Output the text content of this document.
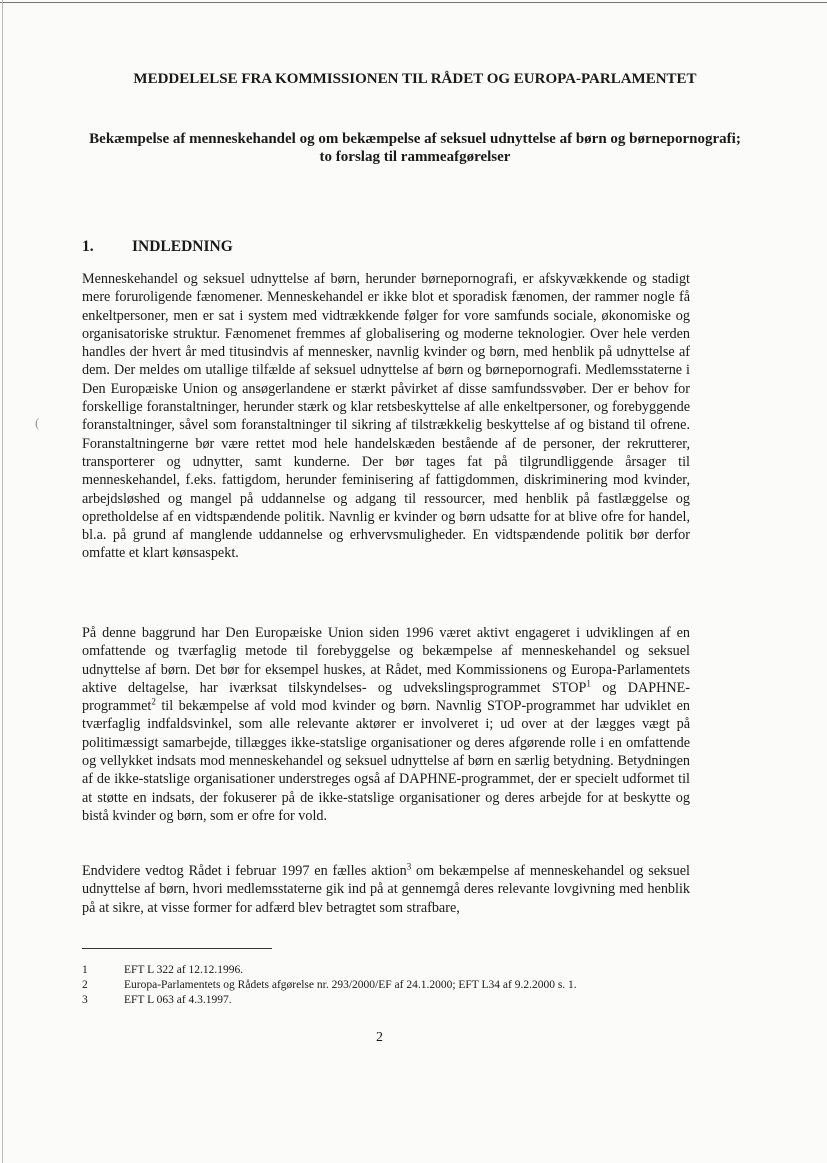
(
MEDDELELSE FRA KOMMISSIONEN TIL RÅDET OG EUROPA-PARLAMENTET
Bekæmpelse af menneskehandel og om bekæmpelse af seksuel udnyttelse af børn og børnepornografi;
to forslag til rammeafgørelser
1. INDLEDNING

Menneskehandel og seksuel udnyttelse af børn, herunder børnepornografi, er afskyvækkende og stadigt mere foruroligende fænomener. Menneskehandel er ikke blot et sporadisk fænomen, der rammer nogle få enkeltpersoner, men er sat i system med vidtrækkende følger for vore samfunds sociale, økonomiske og organisatoriske struktur. Fænomenet fremmes af globalisering og moderne teknologier. Over hele verden handles der hvert år med titusindvis af mennesker, navnlig kvinder og børn, med henblik på udnyttelse af dem. Der meldes om utallige tilfælde af seksuel udnyttelse af børn og børnepornografi. Medlemsstaterne i Den Europæiske Union og ansøgerlandene er stærkt påvirket af disse samfundssvøber. Der er behov for forskellige foranstaltninger, herunder stærk og klar retsbeskyttelse af alle enkeltpersoner, og forebyggende foranstaltninger, såvel som foranstaltninger til sikring af tilstrækkelig beskyttelse af og bistand til ofrene. Foranstaltningerne bør være rettet mod hele handelskæden bestående af de personer, der rekrutterer, transporterer og udnytter, samt kunderne. Der bør tages fat på tilgrundliggende årsager til menneskehandel, f.eks. fattigdom, herunder feminisering af fattigdommen, diskriminering mod kvinder, arbejdsløshed og mangel på uddannelse og adgang til ressourcer, med henblik på fastlæggelse og opretholdelse af en vidtspændende politik. Navnlig er kvinder og børn udsatte for at blive ofre for handel, bl.a. på grund af manglende uddannelse og erhvervsmuligheder. En vidtspændende politik bør derfor omfatte et klart kønsaspekt.

På denne baggrund har Den Europæiske Union siden 1996 været aktivt engageret i udviklingen af en omfattende og tværfaglig metode til forebyggelse og bekæmpelse af menneskehandel og seksuel udnyttelse af børn. Det bør for eksempel huskes, at Rådet, med Kommissionens og Europa-Parlamentets aktive deltagelse, har iværksat tilskyndelses- og udvekslingsprogrammet STOP$^1$ og DAPHNE-programmet$^2$ til bekæmpelse af vold mod kvinder og børn. Navnlig STOP-programmet har udviklet en tværfaglig indfaldsvinkel, som alle relevante aktører er involveret i; ud over at der lægges vægt på politimæssigt samarbejde, tillægges ikke-statslige organisationer og deres afgørende rolle i en omfattende og vellykket indsats mod menneskehandel og seksuel udnyttelse af børn en særlig betydning. Betydningen af de ikke-statslige organisationer understreges også af DAPHNE-programmet, der er specielt udformet til at støtte en indsats, der fokuserer på de ikke-statslige organisationer og deres arbejde for at beskytte og bistå kvinder og børn, som er ofre for vold.

Endvidere vedtog Rådet i februar 1997 en fælles aktion$^3$ om bekæmpelse af menneskehandel og seksuel udnyttelse af børn, hvori medlemsstaterne gik ind på at gennemgå deres relevante lovgivning med henblik på at sikre, at visse former for adfærd blev betragtet som strafbare,

1	EFT L 322 af 12.12.1996.
2	Europa-Parlamentets og Rådets afgørelse nr. 293/2000/EF af 24.1.2000; EFT L34 af 9.2.2000 s. 1.
3	EFT L 063 af 4.3.1997.
2
